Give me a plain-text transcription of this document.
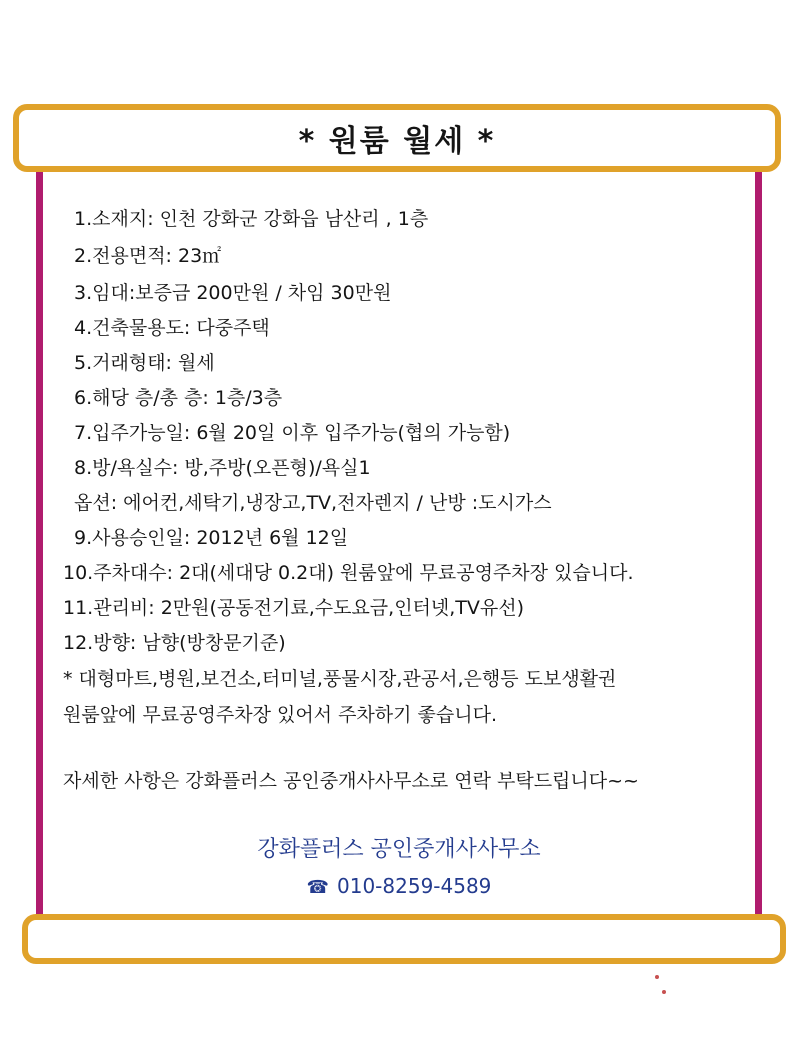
* 원룸 월세 *
1.소재지: 인천 강화군 강화읍 남산리 , 1층
2.전용면적: 23㎡
3.임대:보증금 200만원 / 차임 30만원
4.건축물용도: 다중주택
5.거래형태: 월세
6.해당 층/총 층: 1층/3층
7.입주가능일: 6월 20일 이후 입주가능(협의 가능함)
8.방/욕실수: 방,주방(오픈형)/욕실1
옵션: 에어컨,세탁기,냉장고,TV,전자렌지 / 난방 :도시가스
9.사용승인일: 2012년 6월 12일
10.주차대수: 2대(세대당 0.2대) 원룸앞에 무료공영주차장 있습니다.
11.관리비: 2만원(공동전기료,수도요금,인터넷,TV유선)
12.방향: 남향(방창문기준)
* 대형마트,병원,보건소,터미널,풍물시장,관공서,은행등 도보생활권
원룸앞에 무료공영주차장 있어서 주차하기 좋습니다.
자세한 사항은 강화플러스 공인중개사사무소로 연락 부탁드립니다~~
강화플러스 공인중개사사무소
☎ 010-8259-4589
